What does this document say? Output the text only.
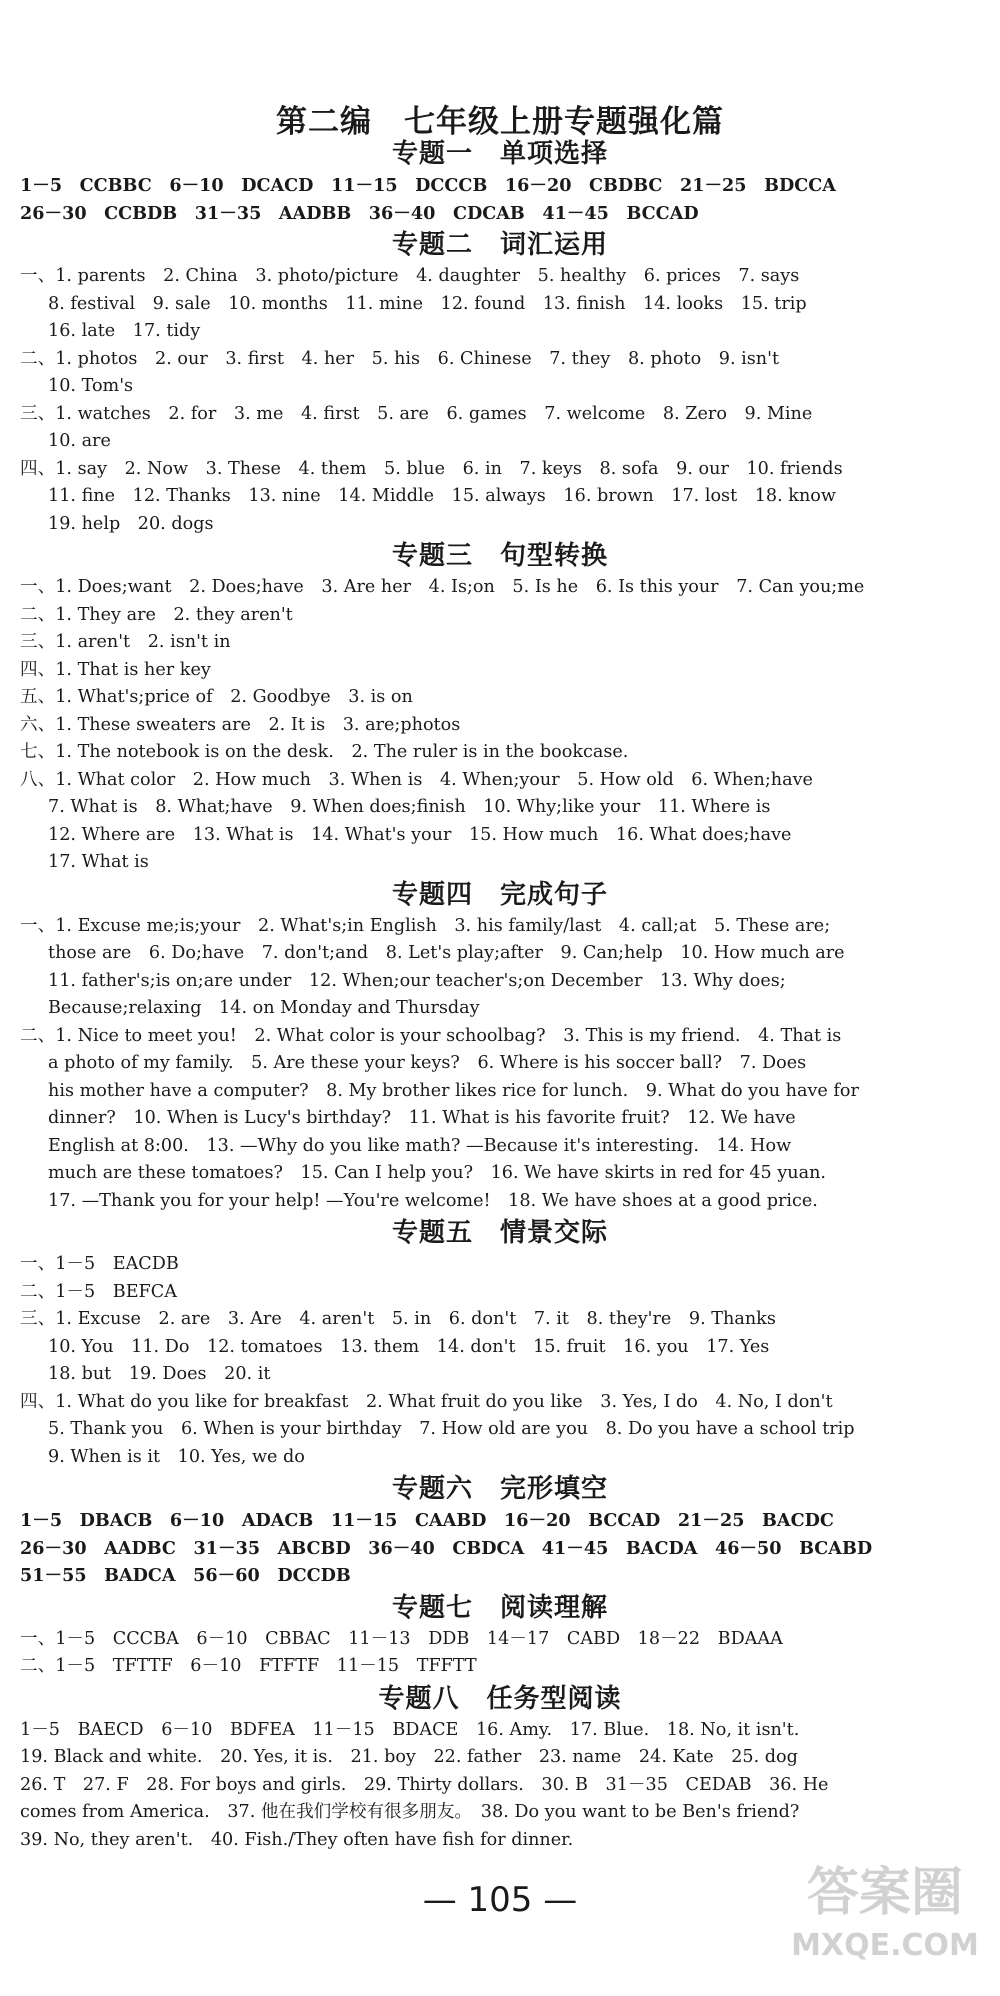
第二编　七年级上册专题强化篇
专题一　单项选择
1－5　CCBBC　6－10　DCACD　11－15　DCCCB　16－20　CBDBC　21－25　BDCCA
26－30　CCBDB　31－35　AADBB　36－40　CDCAB　41－45　BCCAD
专题二　词汇运用
一、1. parents　2. China　3. photo/picture　4. daughter　5. healthy　6. prices　7. says
8. festival　9. sale　10. months　11. mine　12. found　13. finish　14. looks　15. trip
16. late　17. tidy
二、1. photos　2. our　3. first　4. her　5. his　6. Chinese　7. they　8. photo　9. isn't
10. Tom's
三、1. watches　2. for　3. me　4. first　5. are　6. games　7. welcome　8. Zero　9. Mine
10. are
四、1. say　2. Now　3. These　4. them　5. blue　6. in　7. keys　8. sofa　9. our　10. friends
11. fine　12. Thanks　13. nine　14. Middle　15. always　16. brown　17. lost　18. know
19. help　20. dogs
专题三　句型转换
一、1. Does;want　2. Does;have　3. Are her　4. Is;on　5. Is he　6. Is this your　7. Can you;me
二、1. They are　2. they aren't
三、1. aren't　2. isn't in
四、1. That is her key
五、1. What's;price of　2. Goodbye　3. is on
六、1. These sweaters are　2. It is　3. are;photos
七、1. The notebook is on the desk.　2. The ruler is in the bookcase.
八、1. What color　2. How much　3. When is　4. When;your　5. How old　6. When;have
7. What is　8. What;have　9. When does;finish　10. Why;like your　11. Where is
12. Where are　13. What is　14. What's your　15. How much　16. What does;have
17. What is
专题四　完成句子
一、1. Excuse me;is;your　2. What's;in English　3. his family/last　4. call;at　5. These are;
those are　6. Do;have　7. don't;and　8. Let's play;after　9. Can;help　10. How much are
11. father's;is on;are under　12. When;our teacher's;on December　13. Why does;
Because;relaxing　14. on Monday and Thursday
二、1. Nice to meet you!　2. What color is your schoolbag?　3. This is my friend.　4. That is
a photo of my family.　5. Are these your keys?　6. Where is his soccer ball?　7. Does
his mother have a computer?　8. My brother likes rice for lunch.　9. What do you have for
dinner?　10. When is Lucy's birthday?　11. What is his favorite fruit?　12. We have
English at 8:00.　13. —Why do you like math? —Because it's interesting.　14. How
much are these tomatoes?　15. Can I help you?　16. We have skirts in red for 45 yuan.
17. —Thank you for your help! —You're welcome!　18. We have shoes at a good price.
专题五　情景交际
一、1－5　EACDB
二、1－5　BEFCA
三、1. Excuse　2. are　3. Are　4. aren't　5. in　6. don't　7. it　8. they're　9. Thanks
10. You　11. Do　12. tomatoes　13. them　14. don't　15. fruit　16. you　17. Yes
18. but　19. Does　20. it
四、1. What do you like for breakfast　2. What fruit do you like　3. Yes, I do　4. No, I don't
5. Thank you　6. When is your birthday　7. How old are you　8. Do you have a school trip
9. When is it　10. Yes, we do
专题六　完形填空
1－5　DBACB　6－10　ADACB　11－15　CAABD　16－20　BCCAD　21－25　BACDC
26－30　AADBC　31－35　ABCBD　36－40　CBDCA　41－45　BACDA　46－50　BCABD
51－55　BADCA　56－60　DCCDB
专题七　阅读理解
一、1－5　CCCBA　6－10　CBBAC　11－13　DDB　14－17　CABD　18－22　BDAAA
二、1－5　TFTTF　6－10　FTFTF　11－15　TFFTT
专题八　任务型阅读
1－5　BAECD　6－10　BDFEA　11－15　BDACE　16. Amy.　17. Blue.　18. No, it isn't.
19. Black and white.　20. Yes, it is.　21. boy　22. father　23. name　24. Kate　25. dog
26. T　27. F　28. For boys and girls.　29. Thirty dollars.　30. B　31－35　CEDAB　36. He
comes from America.　37. 他在我们学校有很多朋友。　38. Do you want to be Ben's friend?
39. No, they aren't.　40. Fish./They often have fish for dinner.
— 105 —	答案圈
MXQE.COM
